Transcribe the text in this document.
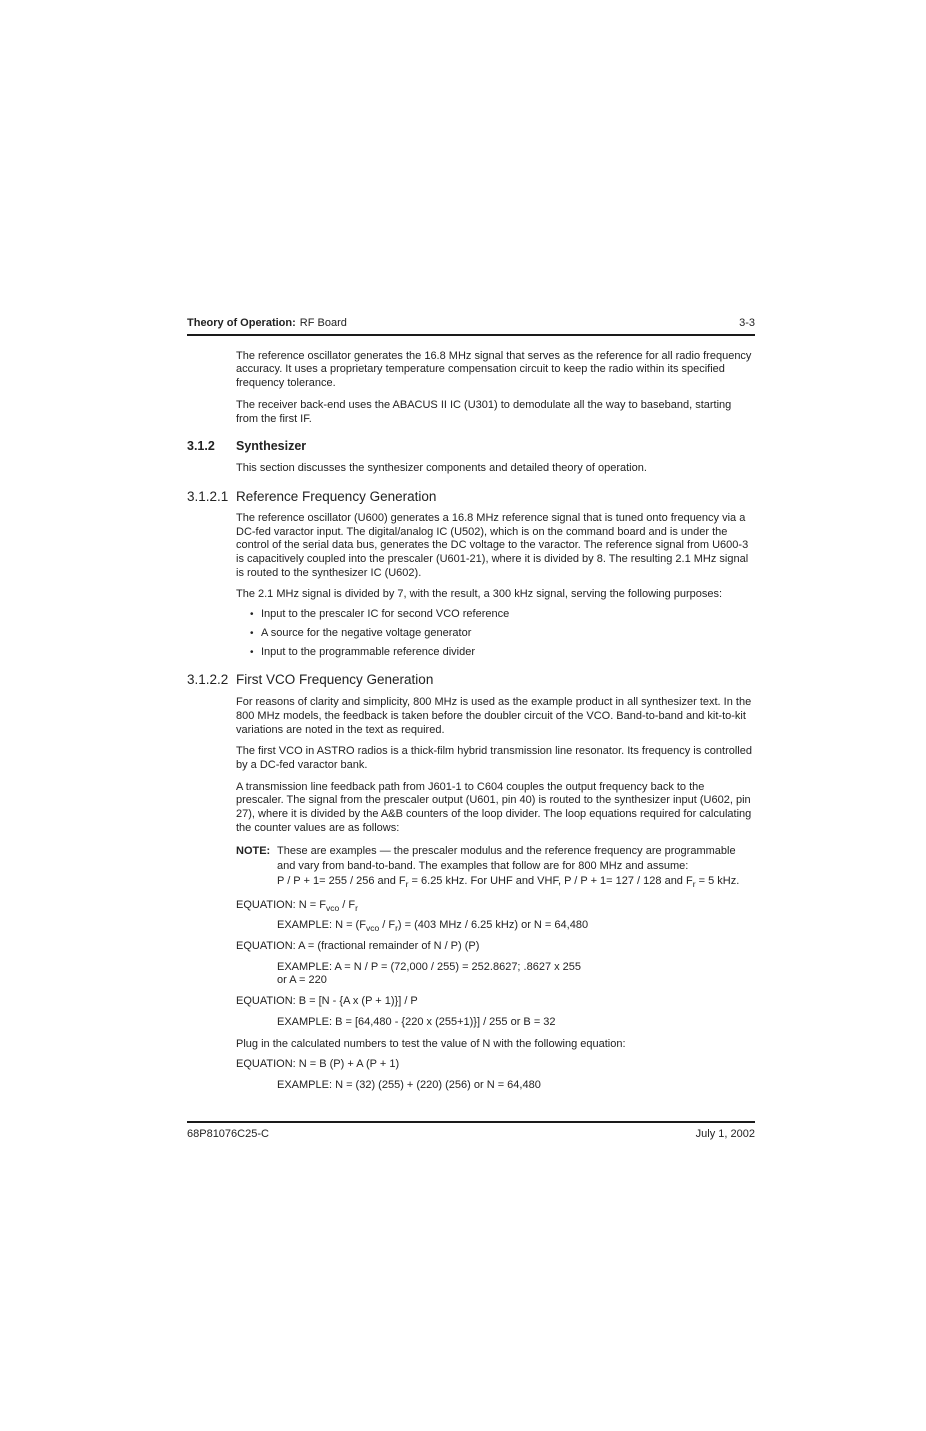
Theory of Operation: RF Board	3-3

The reference oscillator generates the 16.8 MHz signal that serves as the reference for all radio frequency accuracy. It uses a proprietary temperature compensation circuit to keep the radio within its specified frequency tolerance.

The receiver back-end uses the ABACUS II IC (U301) to demodulate all the way to baseband, starting from the first IF.

3.1.2 Synthesizer

This section discusses the synthesizer components and detailed theory of operation.

3.1.2.1 Reference Frequency Generation

The reference oscillator (U600) generates a 16.8 MHz reference signal that is tuned onto frequency via a DC-fed varactor input. The digital/analog IC (U502), which is on the command board and is under the control of the serial data bus, generates the DC voltage to the varactor. The reference signal from U600-3 is capacitively coupled into the prescaler (U601-21), where it is divided by 8. The resulting 2.1 MHz signal is routed to the synthesizer IC (U602).

The 2.1 MHz signal is divided by 7, with the result, a 300 kHz signal, serving the following purposes:

• Input to the prescaler IC for second VCO reference
• A source for the negative voltage generator
• Input to the programmable reference divider
3.1.2.2 First VCO Frequency Generation

For reasons of clarity and simplicity, 800 MHz is used as the example product in all synthesizer text. In the 800 MHz models, the feedback is taken before the doubler circuit of the VCO. Band-to-band and kit-to-kit variations are noted in the text as required.

The first VCO in ASTRO radios is a thick-film hybrid transmission line resonator. Its frequency is controlled by a DC-fed varactor bank.

A transmission line feedback path from J601-1 to C604 couples the output frequency back to the prescaler. The signal from the prescaler output (U601, pin 40) is routed to the synthesizer input (U602, pin 27), where it is divided by the A&B counters of the loop divider. The loop equations required for calculating the counter values are as follows:

NOTE: These are examples — the prescaler modulus and the reference frequency are programmable and vary from band-to-band. The examples that follow are for 800 MHz and assume:
P / P + 1= 255 / 256 and $F_r = 6.25$ kHz. For UHF and VHF, P / P + 1= 127 / 128 and $F_r = 5$ kHz.
EQUATION: $N = F_{vco} / F_r$
EXAMPLE: $N = (F_{vco} / F_r) = (403$ MHz / 6.25 kHz) or N = 64,480
EQUATION: A = (fractional remainder of N / P) (P)
EXAMPLE: A = N / P = (72,000 / 255) = 252.8627; .8627 x 255
or A = 220
EQUATION: B = [N - {A x (P + 1)}] / P
EXAMPLE: B = [64,480 - {220 x (255+1)}] / 255 or B = 32

Plug in the calculated numbers to test the value of N with the following equation:

EQUATION: N = B (P) + A (P + 1)
EXAMPLE: N = (32) (255) + (220) (256) or N = 64,480
68P81076C25-C	July 1, 2002
